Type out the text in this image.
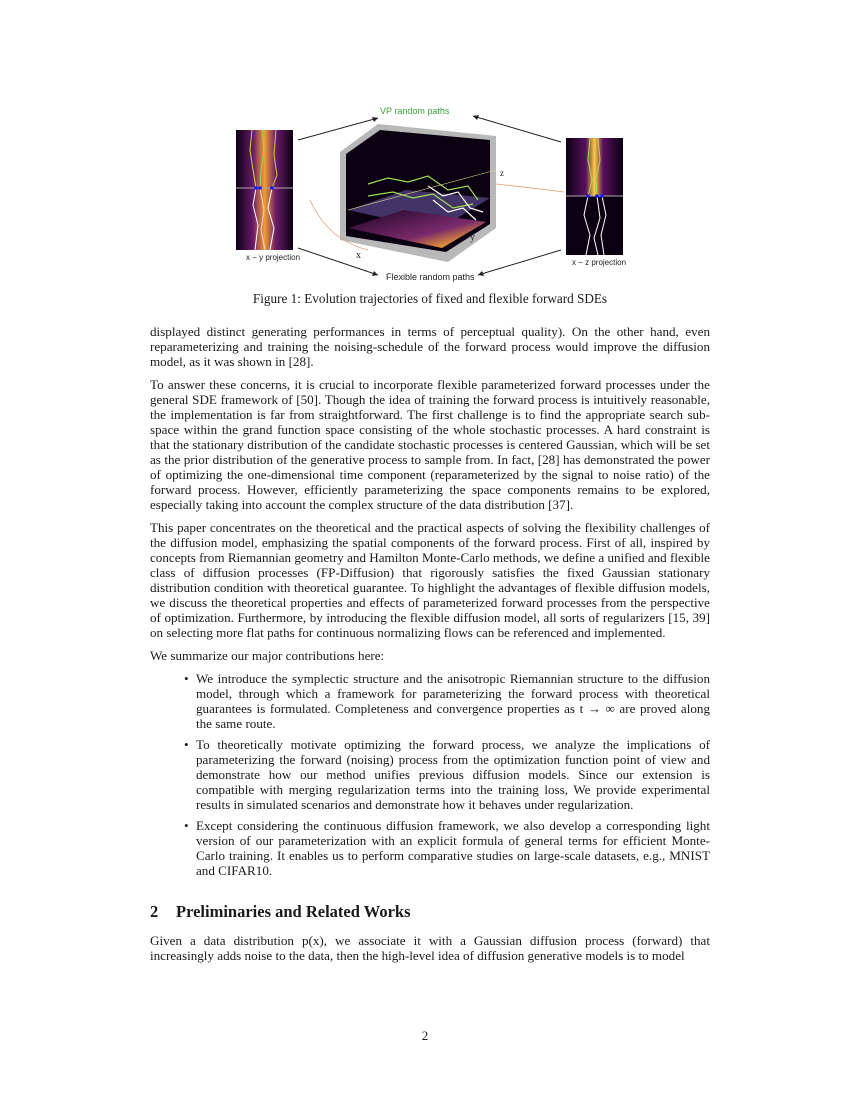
VP random paths
Flexible random paths
x − y projection
x − z projection
x
y
z
Figure 1: Evolution trajectories of fixed and flexible forward SDEs

displayed distinct generating performances in terms of perceptual quality). On the other hand, even reparameterizing and training the noising-schedule of the forward process would improve the diffusion model, as it was shown in [28].

To answer these concerns, it is crucial to incorporate flexible parameterized forward processes under the general SDE framework of [50]. Though the idea of training the forward process is intuitively reasonable, the implementation is far from straightforward. The first challenge is to find the appropriate search sub-space within the grand function space consisting of the whole stochastic processes. A hard constraint is that the stationary distribution of the candidate stochastic processes is centered Gaussian, which will be set as the prior distribution of the generative process to sample from. In fact, [28] has demonstrated the power of optimizing the one-dimensional time component (reparameterized by the signal to noise ratio) of the forward process. However, efficiently parameterizing the space components remains to be explored, especially taking into account the complex structure of the data distribution [37].

This paper concentrates on the theoretical and the practical aspects of solving the flexibility challenges of the diffusion model, emphasizing the spatial components of the forward process. First of all, inspired by concepts from Riemannian geometry and Hamilton Monte-Carlo methods, we define a unified and flexible class of diffusion processes (FP-Diffusion) that rigorously satisfies the fixed Gaussian stationary distribution condition with theoretical guarantee. To highlight the advantages of flexible diffusion models, we discuss the theoretical properties and effects of parameterized forward processes from the perspective of optimization. Furthermore, by introducing the flexible diffusion model, all sorts of regularizers [15, 39] on selecting more flat paths for continuous normalizing flows can be referenced and implemented.

We summarize our major contributions here:

• We introduce the symplectic structure and the anisotropic Riemannian structure to the diffusion model, through which a framework for parameterizing the forward process with theoretical guarantees is formulated. Completeness and convergence properties as t → ∞ are proved along the same route.
• To theoretically motivate optimizing the forward process, we analyze the implications of parameterizing the forward (noising) process from the optimization function point of view and demonstrate how our method unifies previous diffusion models. Since our extension is compatible with merging regularization terms into the training loss, We provide experimental results in simulated scenarios and demonstrate how it behaves under regularization.
• Except considering the continuous diffusion framework, we also develop a corresponding light version of our parameterization with an explicit formula of general terms for efficient Monte-Carlo training. It enables us to perform comparative studies on large-scale datasets, e.g., MNIST and CIFAR10.
2 Preliminaries and Related Works

Given a data distribution p(x), we associate it with a Gaussian diffusion process (forward) that increasingly adds noise to the data, then the high-level idea of diffusion generative models is to model

2
